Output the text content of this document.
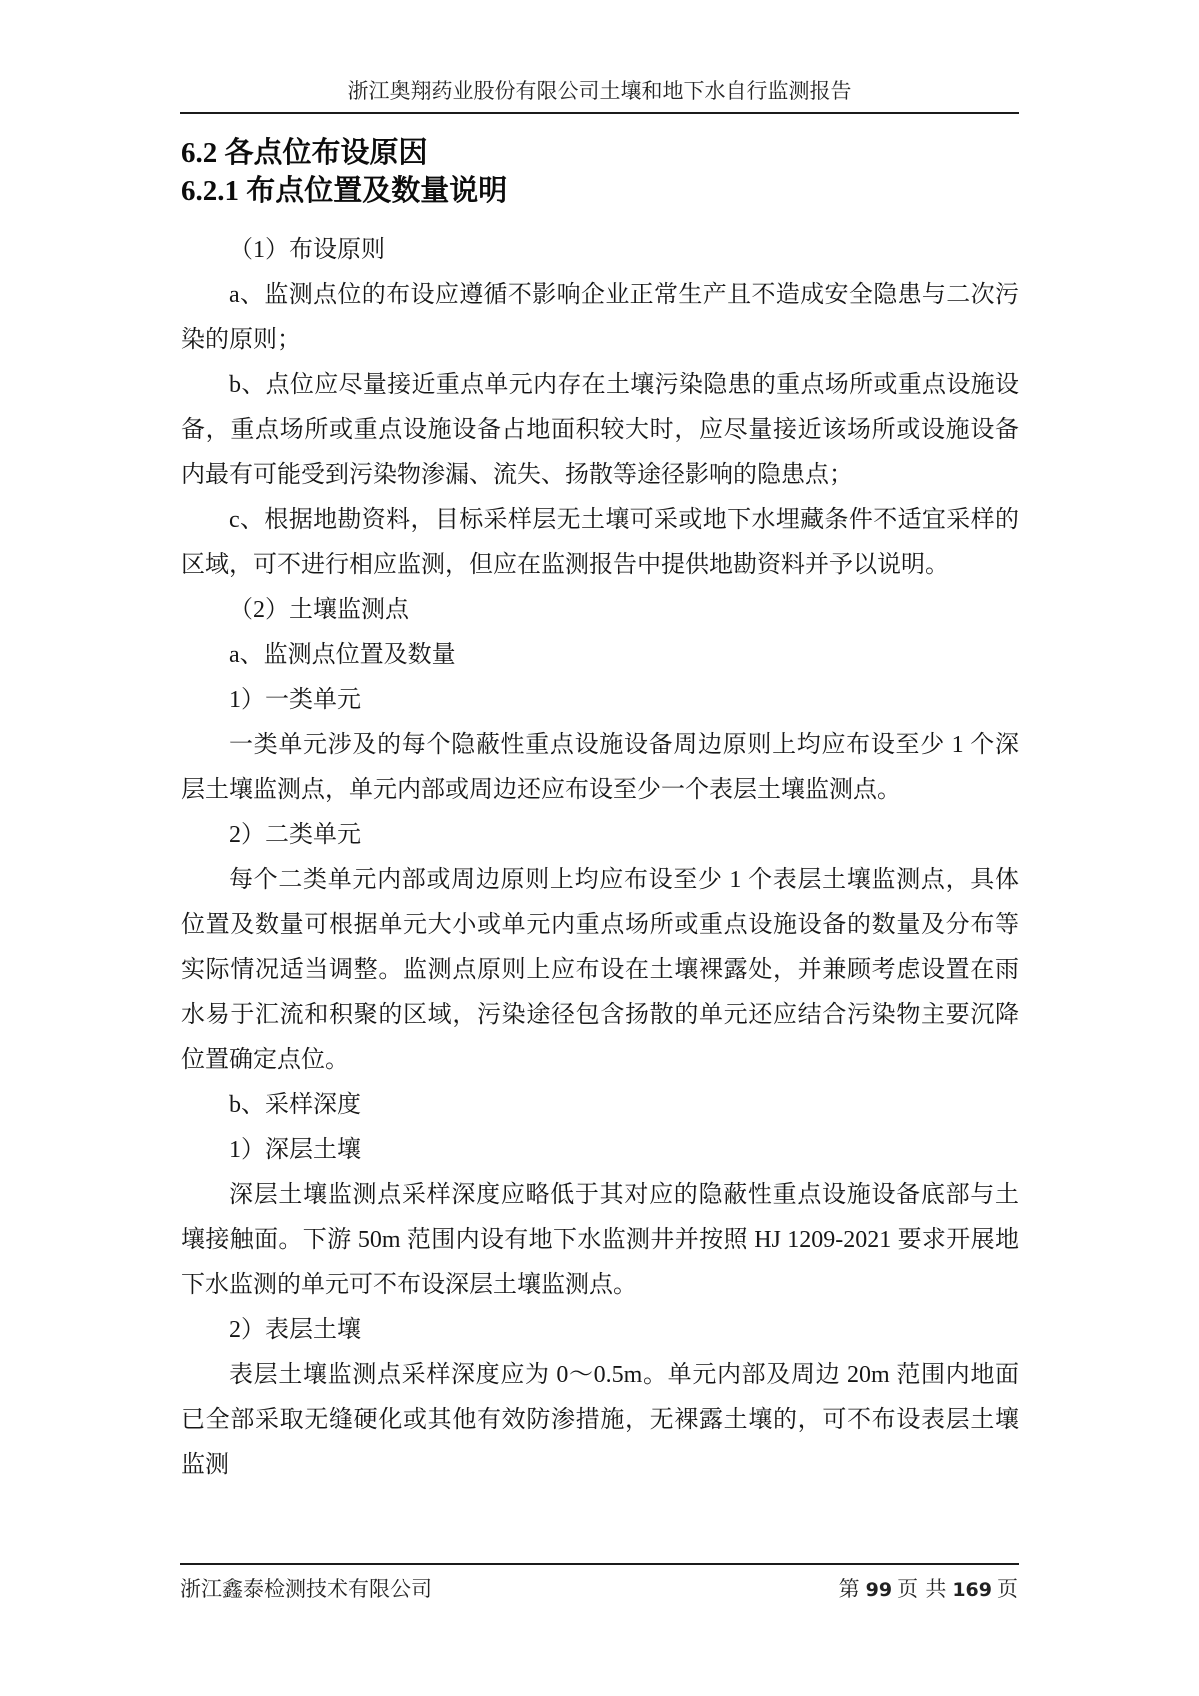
浙江奥翔药业股份有限公司土壤和地下水自行监测报告
6.2 各点位布设原因
6.2.1 布点位置及数量说明

（1）布设原则

a、监测点位的布设应遵循不影响企业正常生产且不造成安全隐患与二次污染的原则；

b、点位应尽量接近重点单元内存在土壤污染隐患的重点场所或重点设施设备，重点场所或重点设施设备占地面积较大时，应尽量接近该场所或设施设备内最有可能受到污染物渗漏、流失、扬散等途径影响的隐患点；

c、根据地勘资料，目标采样层无土壤可采或地下水埋藏条件不适宜采样的区域，可不进行相应监测，但应在监测报告中提供地勘资料并予以说明。

（2）土壤监测点

a、监测点位置及数量

1）一类单元

一类单元涉及的每个隐蔽性重点设施设备周边原则上均应布设至少 1 个深层土壤监测点，单元内部或周边还应布设至少一个表层土壤监测点。

2）二类单元

每个二类单元内部或周边原则上均应布设至少 1 个表层土壤监测点，具体位置及数量可根据单元大小或单元内重点场所或重点设施设备的数量及分布等实际情况适当调整。监测点原则上应布设在土壤裸露处，并兼顾考虑设置在雨水易于汇流和积聚的区域，污染途径包含扬散的单元还应结合污染物主要沉降位置确定点位。

b、采样深度

1）深层土壤

深层土壤监测点采样深度应略低于其对应的隐蔽性重点设施设备底部与土壤接触面。下游 50m 范围内设有地下水监测井并按照 HJ 1209-2021 要求开展地下水监测的单元可不布设深层土壤监测点。

2）表层土壤

表层土壤监测点采样深度应为 0～0.5m。单元内部及周边 20m 范围内地面已全部采取无缝硬化或其他有效防渗措施，无裸露土壤的，可不布设表层土壤监测

浙江鑫泰检测技术有限公司	第 99 页 共 169 页
